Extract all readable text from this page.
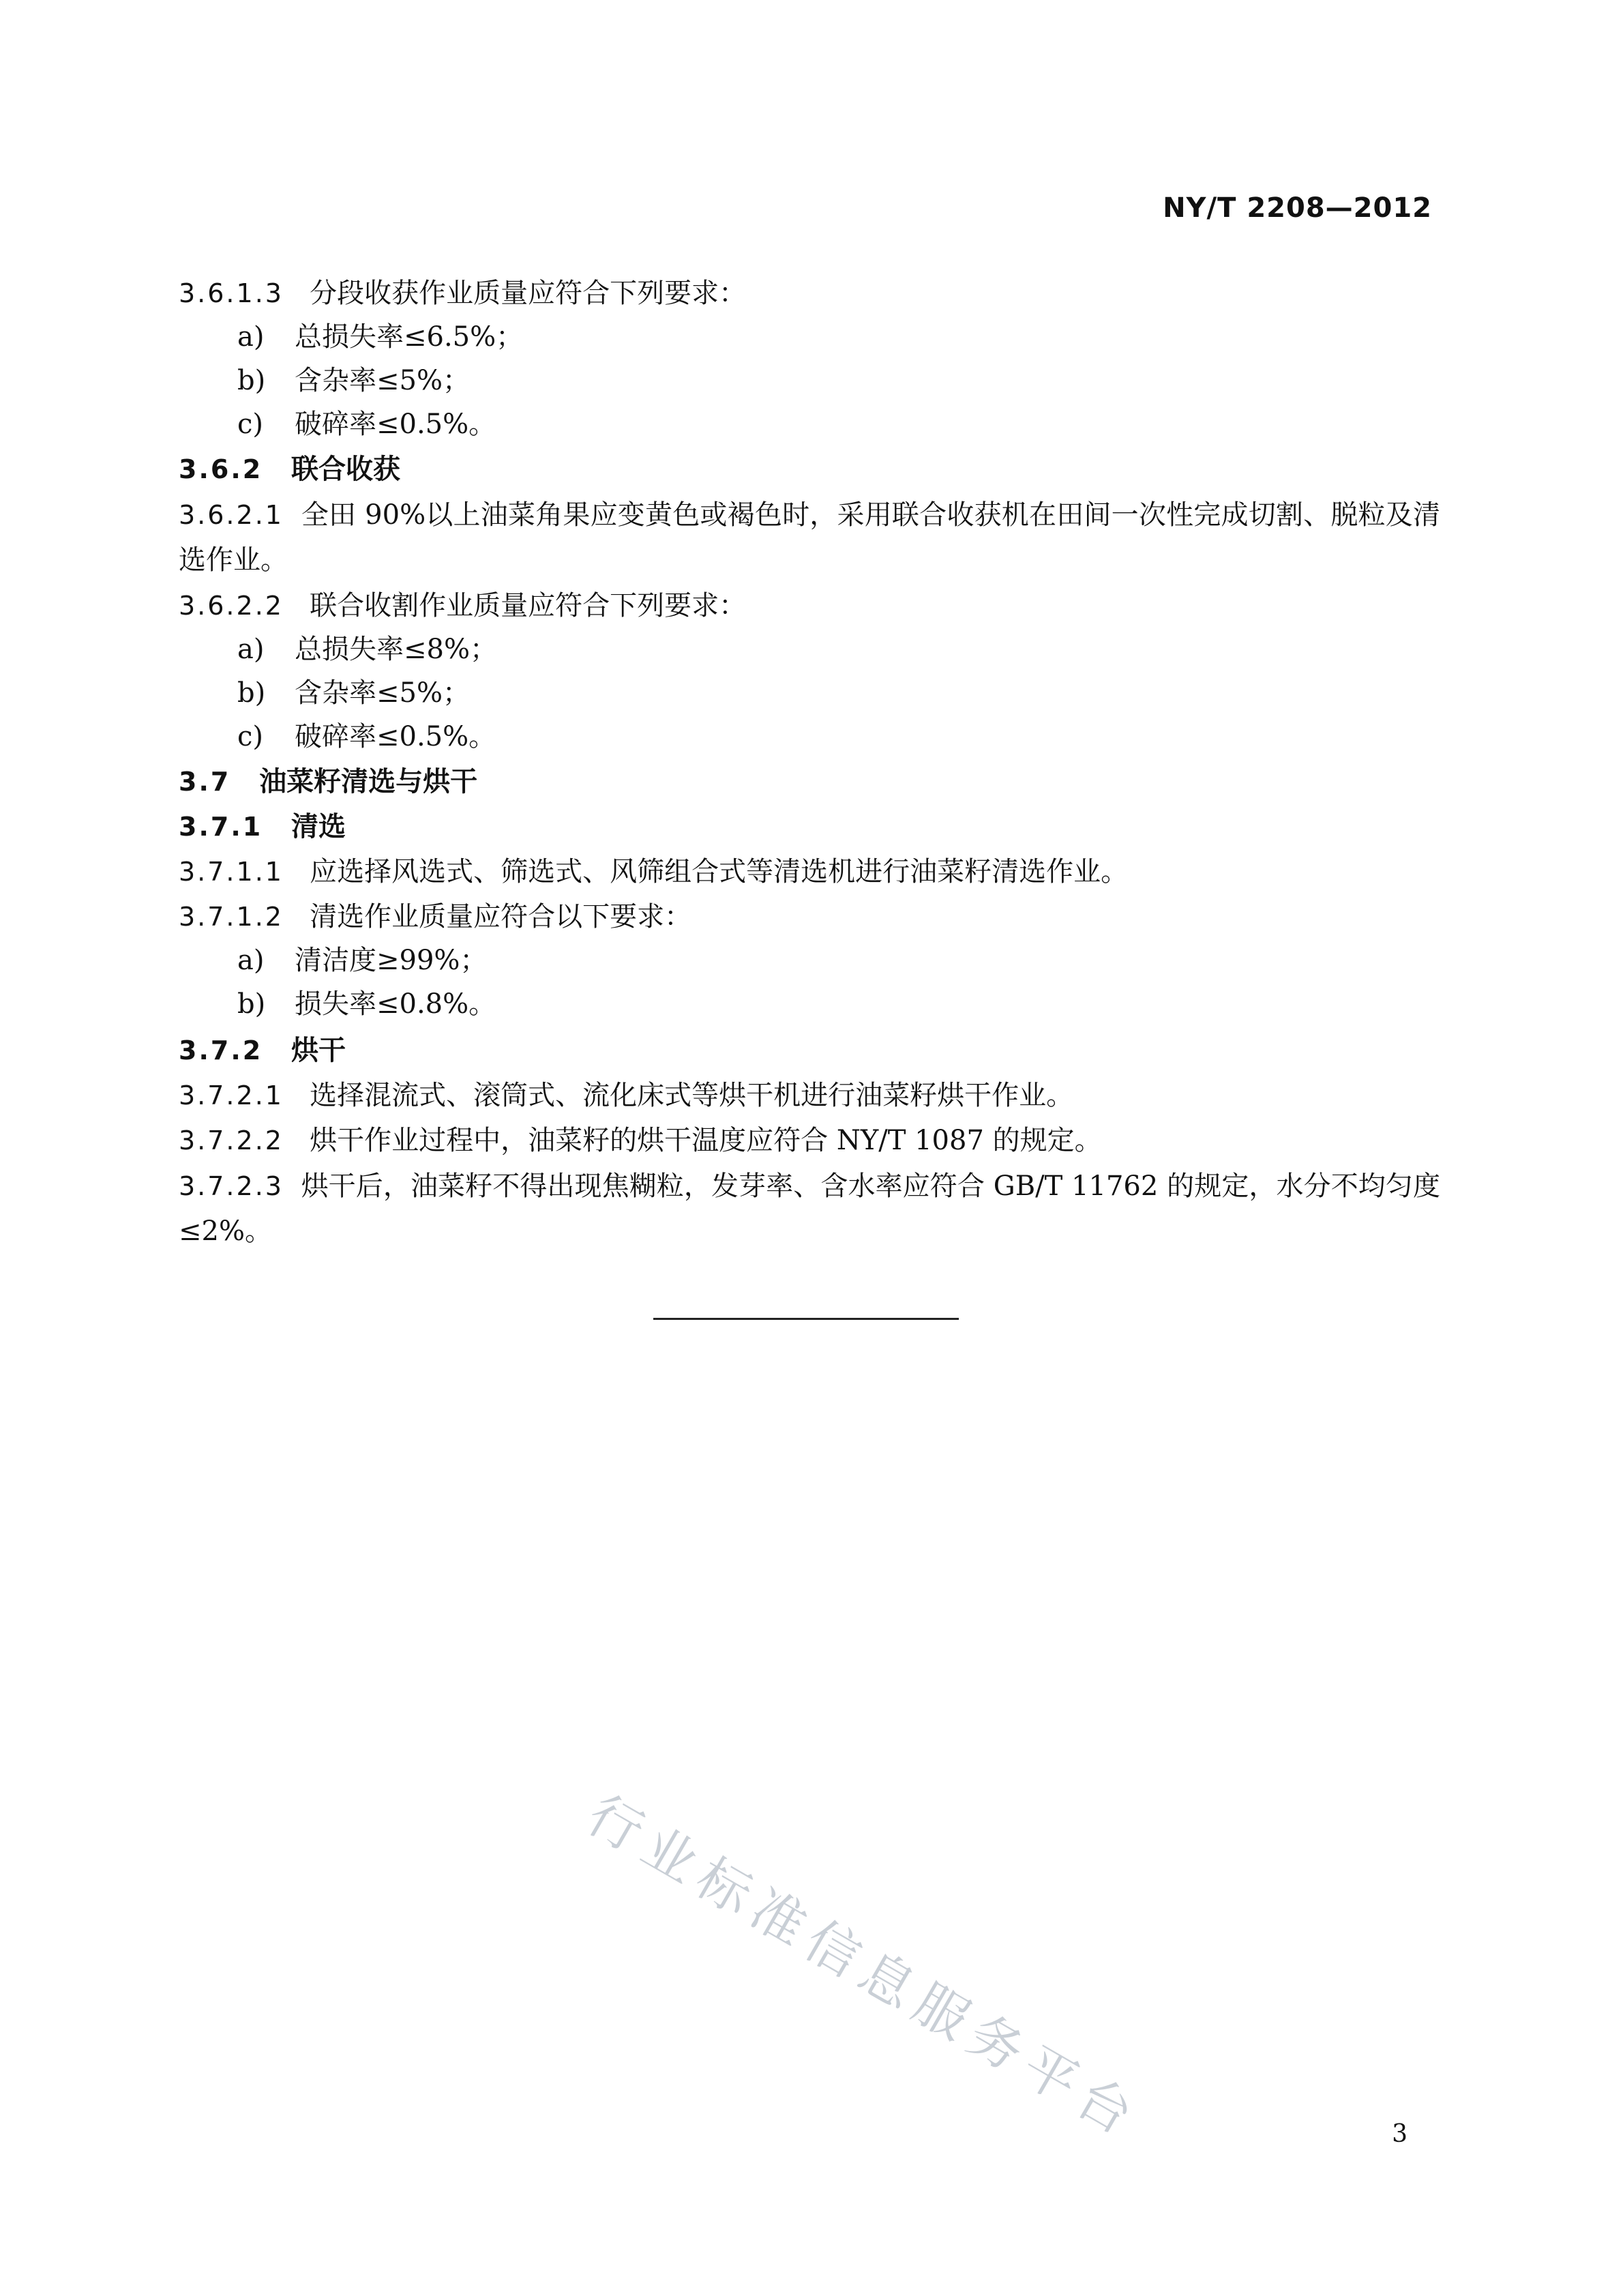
NY/T 2208—2012
3.6.1.3 分段收获作业质量应符合下列要求：
a) 总损失率≤6.5%；
b) 含杂率≤5%；
c) 破碎率≤0.5%。
3.6.2 联合收获
3.6.2.1 全田 90%以上油菜角果应变黄色或褐色时，采用联合收获机在田间一次性完成切割、脱粒及清选作业。
3.6.2.2 联合收割作业质量应符合下列要求：
a) 总损失率≤8%；
b) 含杂率≤5%；
c) 破碎率≤0.5%。
3.7 油菜籽清选与烘干
3.7.1 清选
3.7.1.1 应选择风选式、筛选式、风筛组合式等清选机进行油菜籽清选作业。
3.7.1.2 清选作业质量应符合以下要求：
a) 清洁度≥99%；
b) 损失率≤0.8%。
3.7.2 烘干
3.7.2.1 选择混流式、滚筒式、流化床式等烘干机进行油菜籽烘干作业。
3.7.2.2 烘干作业过程中，油菜籽的烘干温度应符合 NY/T 1087 的规定。
3.7.2.3 烘干后，油菜籽不得出现焦糊粒，发芽率、含水率应符合 GB/T 11762 的规定，水分不均匀度≤2%。
行业标准信息服务平台	3
